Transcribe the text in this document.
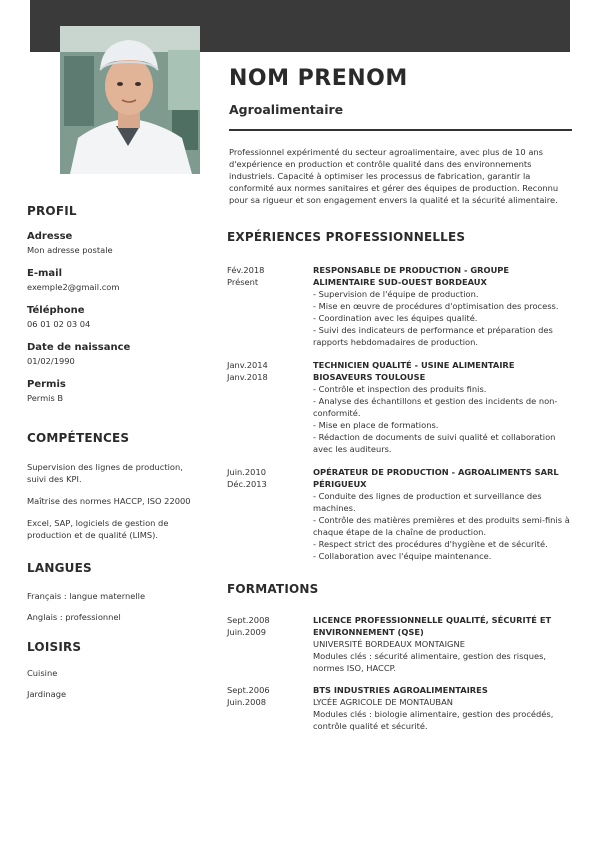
NOM PRENOM
Agroalimentaire

Professionnel expérimenté du secteur agroalimentaire, avec plus de 10 ans d'expérience en production et contrôle qualité dans des environnements industriels. Capacité à optimiser les processus de fabrication, garantir la conformité aux normes sanitaires et gérer des équipes de production. Reconnu pour sa rigueur et son engagement envers la qualité et la sécurité alimentaire.

PROFIL
Adresse
Mon adresse postale
E-mail
exemple2@gmail.com
Téléphone
06 01 02 03 04
Date de naissance
01/02/1990
Permis
Permis B
COMPÉTENCES
Supervision des lignes de production, suivi des KPI.
Maîtrise des normes HACCP, ISO 22000
Excel, SAP, logiciels de gestion de production et de qualité (LIMS).
LANGUES
Français : langue maternelle
Anglais : professionnel
LOISIRS
Cuisine
Jardinage
EXPÉRIENCES PROFESSIONNELLES
Fév.2018
Présent
RESPONSABLE DE PRODUCTION - GROUPE ALIMENTAIRE SUD-OUEST BORDEAUX
- Supervision de l'équipe de production.
- Mise en œuvre de procédures d'optimisation des process.
- Coordination avec les équipes qualité.
- Suivi des indicateurs de performance et préparation des rapports hebdomadaires de production.
Janv.2014
Janv.2018
TECHNICIEN QUALITÉ - USINE ALIMENTAIRE BIOSAVEURS TOULOUSE
- Contrôle et inspection des produits finis.
- Analyse des échantillons et gestion des incidents de non-conformité.
- Mise en place de formations.
- Rédaction de documents de suivi qualité et collaboration avec les auditeurs.
Juin.2010
Déc.2013
OPÉRATEUR DE PRODUCTION - AGROALIMENTS SARL PÉRIGUEUX
- Conduite des lignes de production et surveillance des machines.
- Contrôle des matières premières et des produits semi-finis à chaque étape de la chaîne de production.
- Respect strict des procédures d'hygiène et de sécurité.
- Collaboration avec l'équipe maintenance.
FORMATIONS
Sept.2008
Juin.2009
LICENCE PROFESSIONNELLE QUALITÉ, SÉCURITÉ ET ENVIRONNEMENT (QSE)
UNIVERSITÉ BORDEAUX MONTAIGNE
Modules clés : sécurité alimentaire, gestion des risques, normes ISO, HACCP.
Sept.2006
Juin.2008
BTS INDUSTRIES AGROALIMENTAIRES
LYCÉE AGRICOLE DE MONTAUBAN
Modules clés : biologie alimentaire, gestion des procédés, contrôle qualité et sécurité.
